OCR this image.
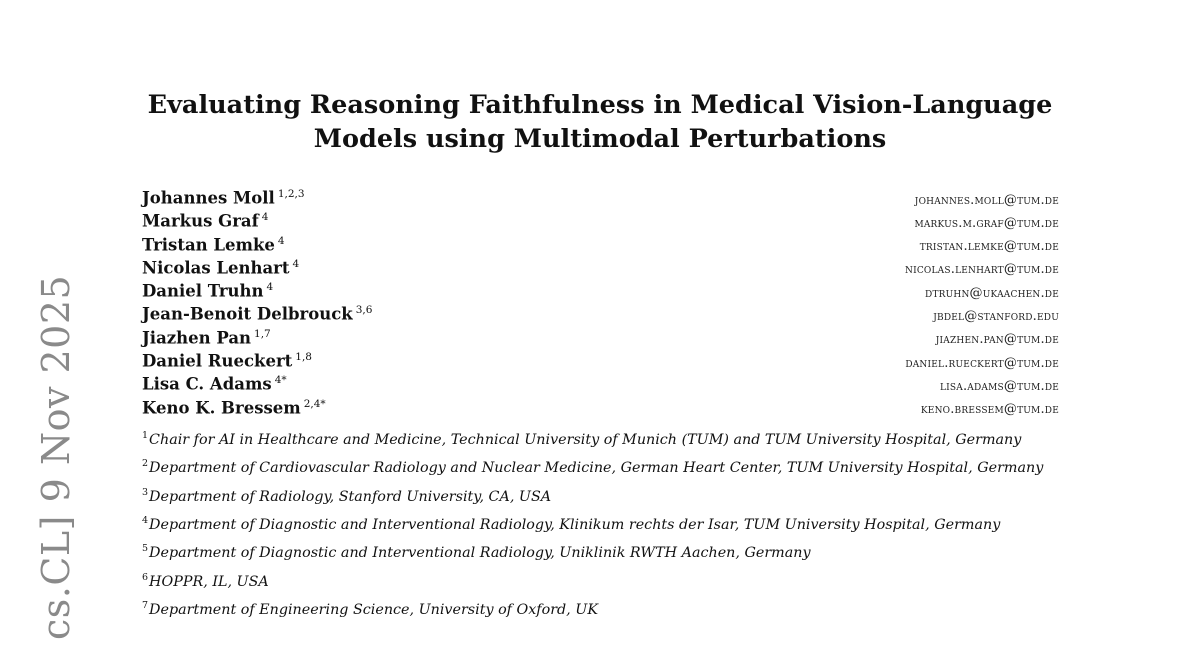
cs.CL] 9 Nov 2025
Evaluating Reasoning Faithfulness in Medical Vision-Language
Models using Multimodal Perturbations
Johannes Moll $^{1,2,3}$	johannes.moll@tum.de
Markus Graf $^4$	markus.m.graf@tum.de
Tristan Lemke $^4$	tristan.lemke@tum.de
Nicolas Lenhart $^4$	nicolas.lenhart@tum.de
Daniel Truhn $^4$	dtruhn@ukaachen.de
Jean-Benoit Delbrouck $^{3,6}$	jbdel@stanford.edu
Jiazhen Pan $^{1,7}$	jiazhen.pan@tum.de
Daniel Rueckert $^{1,8}$	daniel.rueckert@tum.de
Lisa C. Adams $^{4*}$	lisa.adams@tum.de
Keno K. Bressem $^{2,4*}$	keno.bressem@tum.de

$^1$Chair for AI in Healthcare and Medicine, Technical University of Munich (TUM) and TUM University Hospital, Germany

$^2$Department of Cardiovascular Radiology and Nuclear Medicine, German Heart Center, TUM University Hospital, Germany

$^3$Department of Radiology, Stanford University, CA, USA

$^4$Department of Diagnostic and Interventional Radiology, Klinikum rechts der Isar, TUM University Hospital, Germany

$^5$Department of Diagnostic and Interventional Radiology, Uniklinik RWTH Aachen, Germany

$^6$HOPPR, IL, USA

$^7$Department of Engineering Science, University of Oxford, UK
